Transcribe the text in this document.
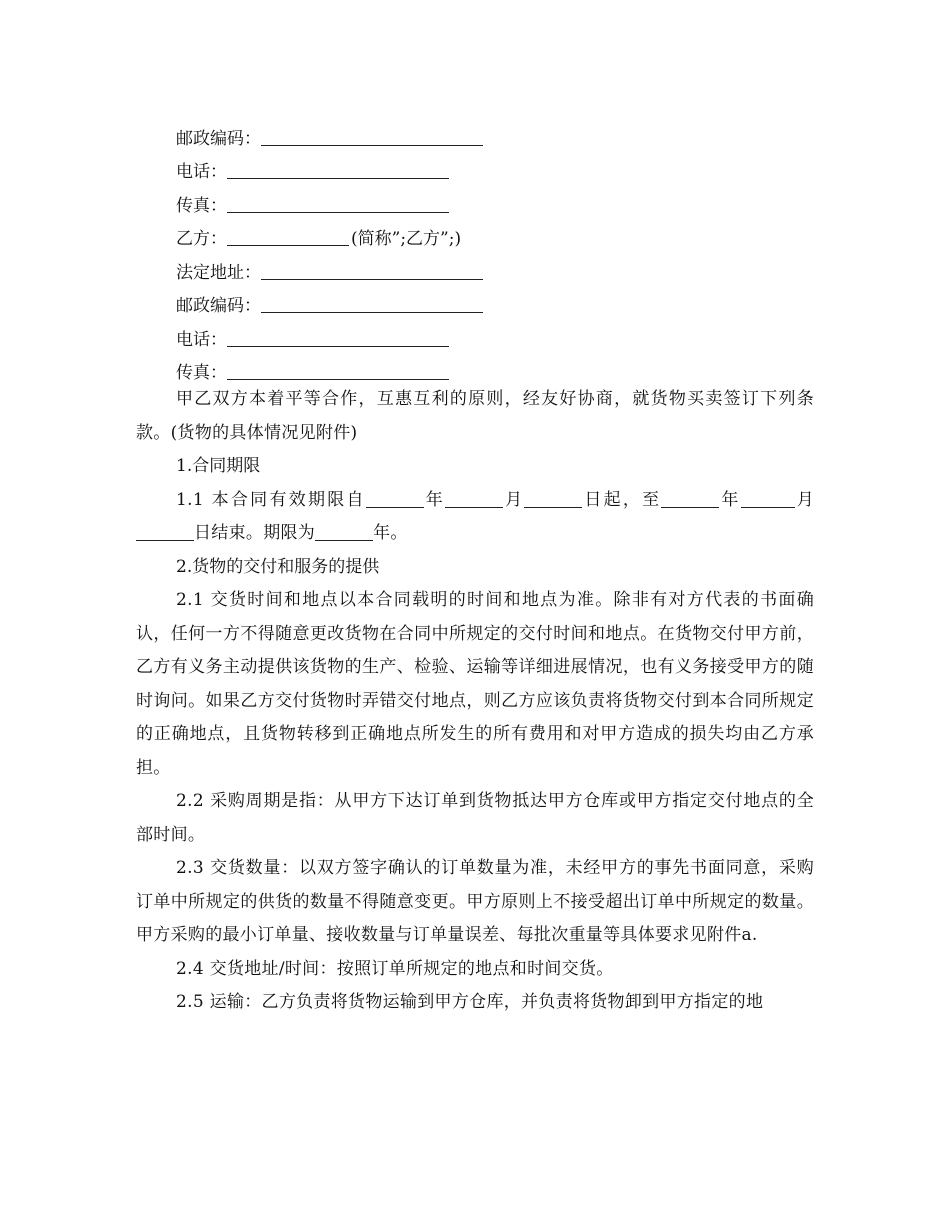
邮政编码：
电话：
传真：
乙方：	(简称”;乙方”;)
法定地址：
邮政编码：
电话：
传真：

甲乙双方本着平等合作，互惠互利的原则，经友好协商，就货物买卖签订下列条款。(货物的具体情况见附件)

1.合同期限

1.1 本合同有效期限自	年	月	日起，至	年	月日结束。期限为	年。

2.货物的交付和服务的提供

2.1 交货时间和地点以本合同载明的时间和地点为准。除非有对方代表的书面确认，任何一方不得随意更改货物在合同中所规定的交付时间和地点。在货物交付甲方前，乙方有义务主动提供该货物的生产、检验、运输等详细进展情况，也有义务接受甲方的随时询问。如果乙方交付货物时弄错交付地点，则乙方应该负责将货物交付到本合同所规定的正确地点，且货物转移到正确地点所发生的所有费用和对甲方造成的损失均由乙方承担。

2.2 采购周期是指：从甲方下达订单到货物抵达甲方仓库或甲方指定交付地点的全部时间。

2.3 交货数量：以双方签字确认的订单数量为准，未经甲方的事先书面同意，采购订单中所规定的供货的数量不得随意变更。甲方原则上不接受超出订单中所规定的数量。甲方采购的最小订单量、接收数量与订单量误差、每批次重量等具体要求见附件a.

2.4 交货地址/时间：按照订单所规定的地点和时间交货。

2.5 运输：乙方负责将货物运输到甲方仓库，并负责将货物卸到甲方指定的地
